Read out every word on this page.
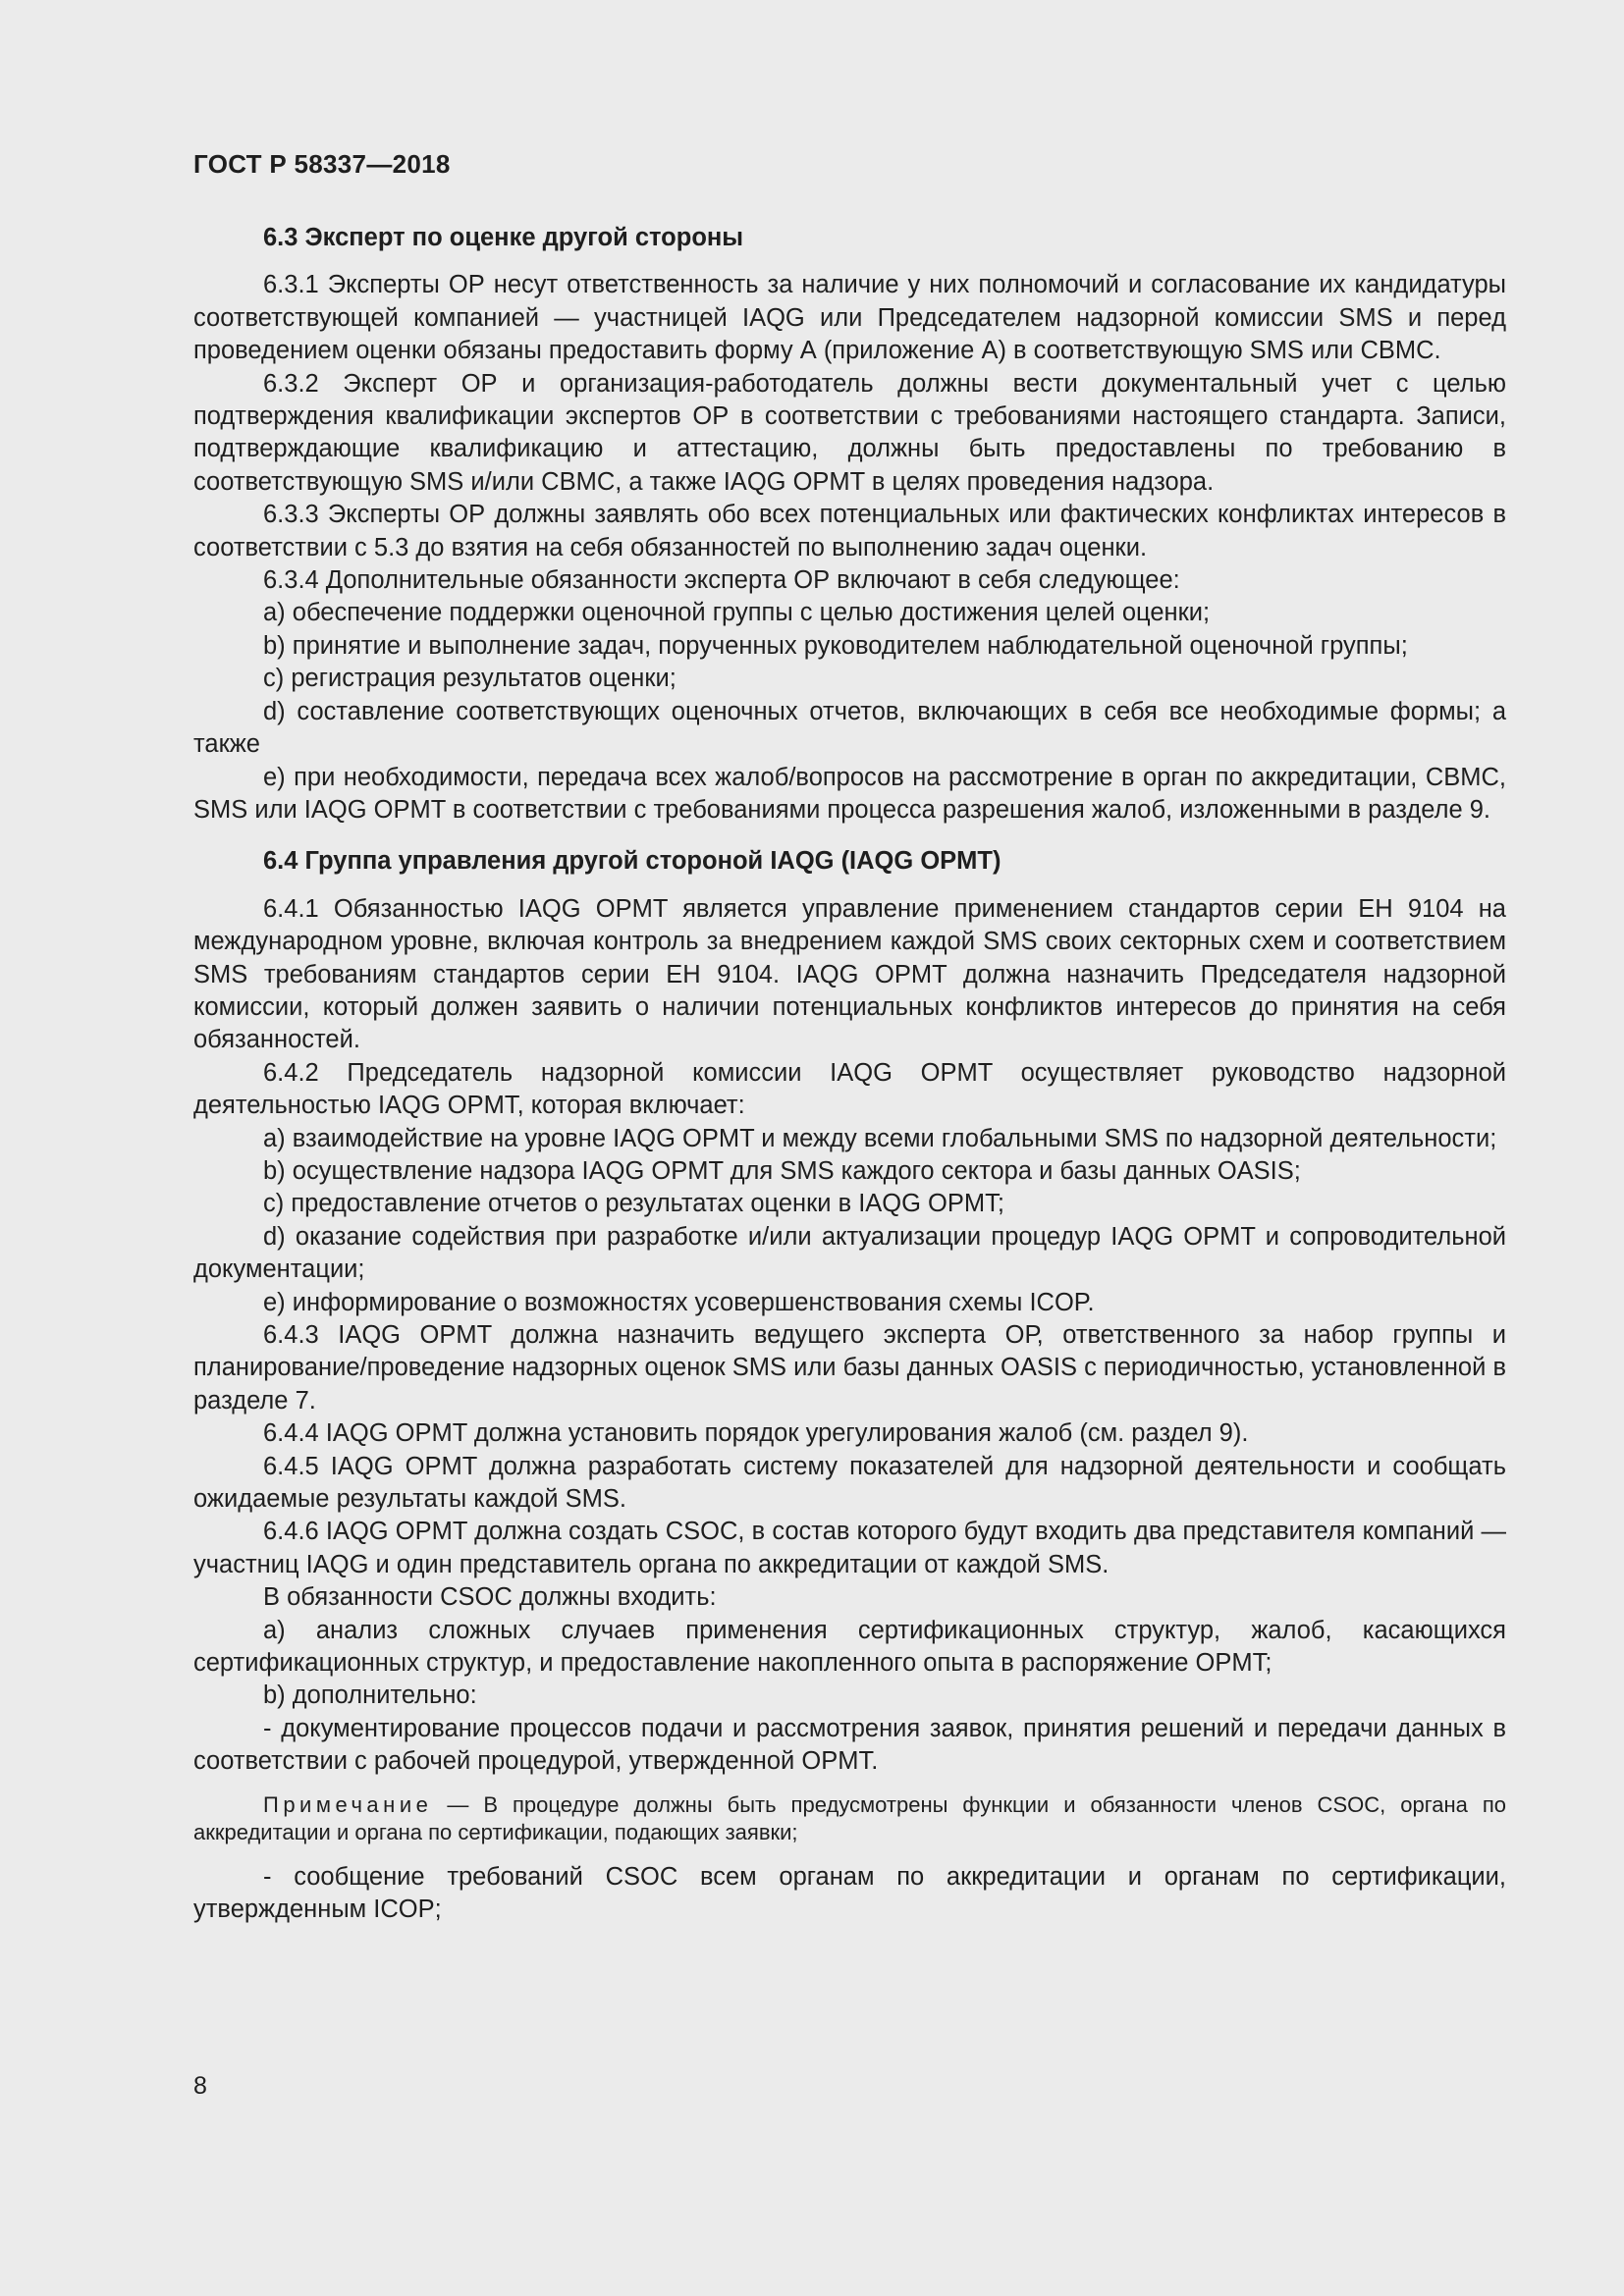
ГОСТ Р 58337—2018
6.3 Эксперт по оценке другой стороны

6.3.1 Эксперты ОР несут ответственность за наличие у них полномочий и согласование их кандидатуры соответствующей компанией — участницей IAQG или Председателем надзорной комиссии SMS и перед проведением оценки обязаны предоставить форму А (приложение А) в соответствующую SMS или СВМС.

6.3.2 Эксперт ОР и организация-работодатель должны вести документальный учет с целью подтверждения квалификации экспертов ОР в соответствии с требованиями настоящего стандарта. Записи, подтверждающие квалификацию и аттестацию, должны быть предоставлены по требованию в соответствующую SMS и/или СВМС, а также IAQG OPMT в целях проведения надзора.

6.3.3 Эксперты ОР должны заявлять обо всех потенциальных или фактических конфликтах интересов в соответствии с 5.3 до взятия на себя обязанностей по выполнению задач оценки.

6.3.4 Дополнительные обязанности эксперта ОР включают в себя следующее:

а) обеспечение поддержки оценочной группы с целью достижения целей оценки;

b) принятие и выполнение задач, порученных руководителем наблюдательной оценочной группы;

с) регистрация результатов оценки;

d) составление соответствующих оценочных отчетов, включающих в себя все необходимые формы; а также

е) при необходимости, передача всех жалоб/вопросов на рассмотрение в орган по аккредитации, СВМС, SMS или IAQG OPMT в соответствии с требованиями процесса разрешения жалоб, изложенными в разделе 9.

6.4 Группа управления другой стороной IAQG (IAQG OPMT)

6.4.1 Обязанностью IAQG OPMT является управление применением стандартов серии ЕН 9104 на международном уровне, включая контроль за внедрением каждой SMS своих секторных схем и соответствием SMS требованиям стандартов серии ЕН 9104. IAQG OPMT должна назначить Председателя надзорной комиссии, который должен заявить о наличии потенциальных конфликтов интересов до принятия на себя обязанностей.

6.4.2 Председатель надзорной комиссии IAQG OPMT осуществляет руководство надзорной деятельностью IAQG OPMT, которая включает:

а) взаимодействие на уровне IAQG OPMT и между всеми глобальными SMS по надзорной деятельности;

b) осуществление надзора IAQG OPMT для SMS каждого сектора и базы данных OASIS;

с) предоставление отчетов о результатах оценки в IAQG OPMT;

d) оказание содействия при разработке и/или актуализации процедур IAQG OPMT и сопроводительной документации;

е) информирование о возможностях усовершенствования схемы ICOP.

6.4.3 IAQG OPMT должна назначить ведущего эксперта ОР, ответственного за набор группы и планирование/проведение надзорных оценок SMS или базы данных OASIS с периодичностью, установленной в разделе 7.

6.4.4 IAQG OPMT должна установить порядок урегулирования жалоб (см. раздел 9).

6.4.5 IAQG OPMT должна разработать систему показателей для надзорной деятельности и сообщать ожидаемые результаты каждой SMS.

6.4.6 IAQG OPMT должна создать CSOC, в состав которого будут входить два представителя компаний — участниц IAQG и один представитель органа по аккредитации от каждой SMS.

В обязанности CSOC должны входить:

а) анализ сложных случаев применения сертификационных структур, жалоб, касающихся сертификационных структур, и предоставление накопленного опыта в распоряжение OPMT;

b) дополнительно:

- документирование процессов подачи и рассмотрения заявок, принятия решений и передачи данных в соответствии с рабочей процедурой, утвержденной OPMT.

Примечание — В процедуре должны быть предусмотрены функции и обязанности членов CSOC, органа по аккредитации и органа по сертификации, подающих заявки;

- сообщение требований CSOC всем органам по аккредитации и органам по сертификации, утвержденным ICOP;

8
